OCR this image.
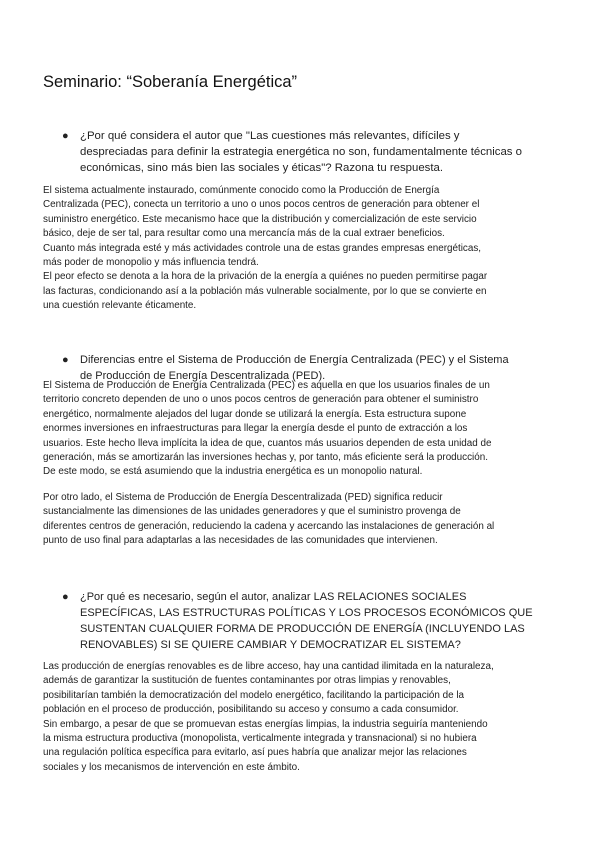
Seminario: “Soberanía Energética”
● ¿Por qué considera el autor que "Las cuestiones más relevantes, difíciles y
despreciadas para definir la estrategia energética no son, fundamentalmente técnicas o
económicas, sino más bien las sociales y éticas"? Razona tu respuesta.
El sistema actualmente instaurado, comúnmente conocido como la Producción de Energía
Centralizada (PEC), conecta un territorio a uno o unos pocos centros de generación para obtener el
suministro energético. Este mecanismo hace que la distribución y comercialización de este servicio
básico, deje de ser tal, para resultar como una mercancía más de la cual extraer beneficios.
Cuanto más integrada esté y más actividades controle una de estas grandes empresas energéticas,
más poder de monopolio y más influencia tendrá.
El peor efecto se denota a la hora de la privación de la energía a quiénes no pueden permitirse pagar
las facturas, condicionando así a la población más vulnerable socialmente, por lo que se convierte en
una cuestión relevante éticamente.
● Diferencias entre el Sistema de Producción de Energía Centralizada (PEC) y el Sistema
de Producción de Energía Descentralizada (PED).
El Sistema de Producción de Energía Centralizada (PEC) es aquella en que los usuarios finales de un
territorio concreto dependen de uno o unos pocos centros de generación para obtener el suministro
energético, normalmente alejados del lugar donde se utilizará la energía. Esta estructura supone
enormes inversiones en infraestructuras para llegar la energía desde el punto de extracción a los
usuarios. Este hecho lleva implícita la idea de que, cuantos más usuarios dependen de esta unidad de
generación, más se amortizarán las inversiones hechas y, por tanto, más eficiente será la producción.
De este modo, se está asumiendo que la industria energética es un monopolio natural.
Por otro lado, el Sistema de Producción de Energía Descentralizada (PED) significa reducir
sustancialmente las dimensiones de las unidades generadores y que el suministro provenga de
diferentes centros de generación, reduciendo la cadena y acercando las instalaciones de generación al
punto de uso final para adaptarlas a las necesidades de las comunidades que intervienen.
● ¿Por qué es necesario, según el autor, analizar LAS RELACIONES SOCIALES
ESPECÍFICAS, LAS ESTRUCTURAS POLÍTICAS Y LOS PROCESOS ECONÓMICOS QUE
SUSTENTAN CUALQUIER FORMA DE PRODUCCIÓN DE ENERGÍA (INCLUYENDO LAS
RENOVABLES) SI SE QUIERE CAMBIAR Y DEMOCRATIZAR EL SISTEMA?
Las producción de energías renovables es de libre acceso, hay una cantidad ilimitada en la naturaleza,
además de garantizar la sustitución de fuentes contaminantes por otras limpias y renovables,
posibilitarían también la democratización del modelo energético, facilitando la participación de la
población en el proceso de producción, posibilitando su acceso y consumo a cada consumidor.
Sin embargo, a pesar de que se promuevan estas energías limpias, la industria seguiría manteniendo
la misma estructura productiva (monopolista, verticalmente integrada y transnacional) si no hubiera
una regulación política específica para evitarlo, así pues habría que analizar mejor las relaciones
sociales y los mecanismos de intervención en este ámbito.
